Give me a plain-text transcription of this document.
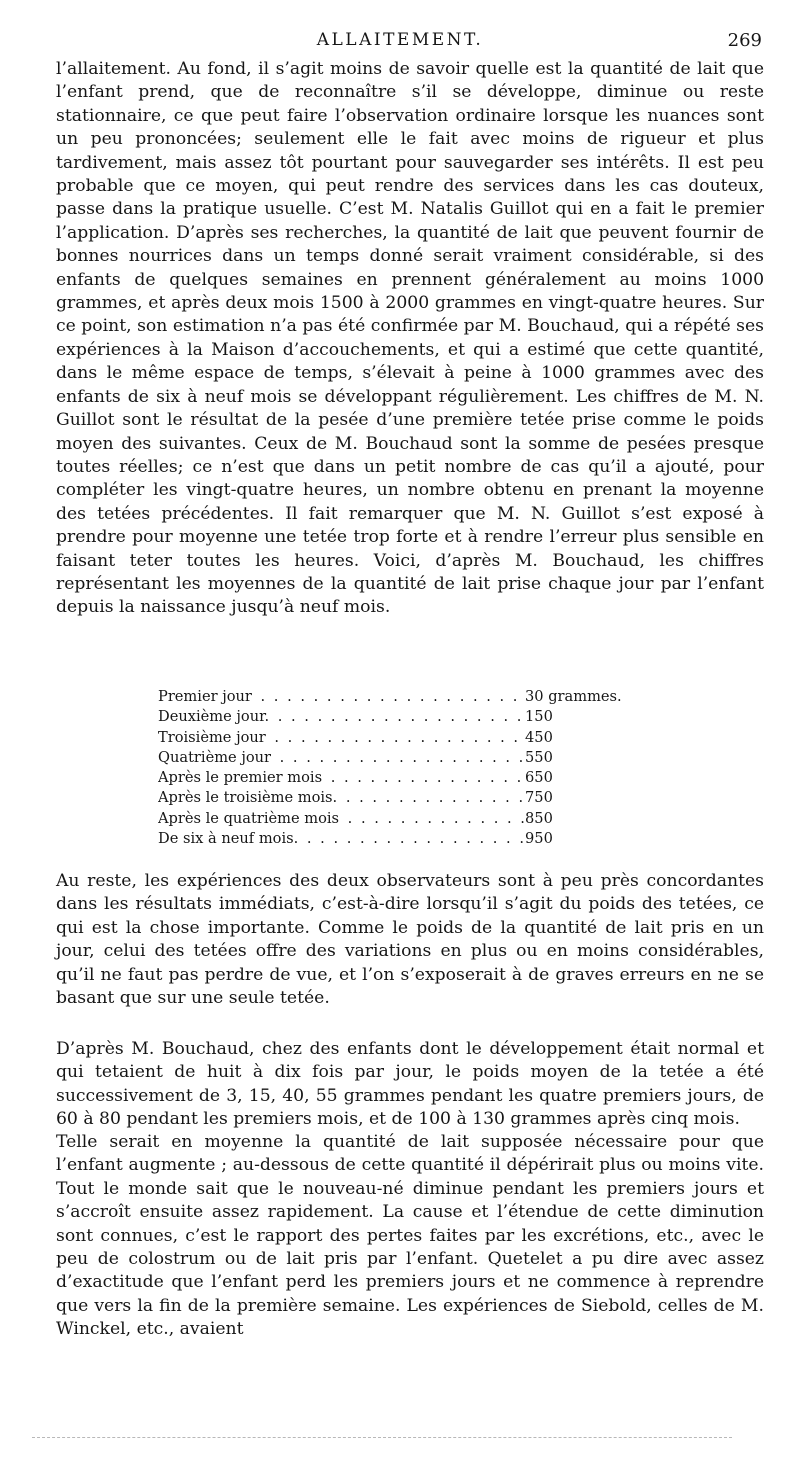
ALLAITEMENT.	269

l’allaitement. Au fond, il s’agit moins de savoir quelle est la quantité de lait que l’enfant prend, que de reconnaître s’il se développe, diminue ou reste stationnaire, ce que peut faire l’observation ordinaire lorsque les nuances sont un peu prononcées; seulement elle le fait avec moins de rigueur et plus tardivement, mais assez tôt pourtant pour sauvegarder ses intérêts. Il est peu probable que ce moyen, qui peut rendre des services dans les cas douteux, passe dans la pratique usuelle. C’est M. Natalis Guillot qui en a fait le premier l’application. D’après ses recherches, la quantité de lait que peuvent fournir de bonnes nourrices dans un temps donné serait vraiment considérable, si des enfants de quelques semaines en prennent généralement au moins 1000 grammes, et après deux mois 1500 à 2000 grammes en vingt-quatre heures. Sur ce point, son estimation n’a pas été confirmée par M. Bouchaud, qui a répété ses expériences à la Maison d’accouchements, et qui a estimé que cette quantité, dans le même espace de temps, s’élevait à peine à 1000 grammes avec des enfants de six à neuf mois se développant régulièrement. Les chiffres de M. N. Guillot sont le résultat de la pesée d’une première tetée prise comme le poids moyen des suivantes. Ceux de M. Bouchaud sont la somme de pesées presque toutes réelles; ce n’est que dans un petit nombre de cas qu’il a ajouté, pour compléter les vingt-quatre heures, un nombre obtenu en prenant la moyenne des tetées précédentes. Il fait remarquer que M. N. Guillot s’est exposé à prendre pour moyenne une tetée trop forte et à rendre l’erreur plus sensible en faisant teter toutes les heures. Voici, d’après M. Bouchaud, les chiffres représentant les moyennes de la quantité de lait prise chaque jour par l’enfant depuis la naissance jusqu’à neuf mois.

Premier jour . . .	30 grammes.
Deuxième jour. . . .	150
Troisième jour . . .	450
Quatrième jour . . .	550
Après le premier mois . . .	650
Après le troisième mois. . . .	750
Après le quatrième mois . . .	850
De six à neuf mois. . . .	950

Au reste, les expériences des deux observateurs sont à peu près concordantes dans les résultats immédiats, c’est-à-dire lorsqu’il s’agit du poids des tetées, ce qui est la chose importante. Comme le poids de la quantité de lait pris en un jour, celui des tetées offre des variations en plus ou en moins considérables, qu’il ne faut pas perdre de vue, et l’on s’exposerait à de graves erreurs en ne se basant que sur une seule tetée.

D’après M. Bouchaud, chez des enfants dont le développement était normal et qui tetaient de huit à dix fois par jour, le poids moyen de la tetée a été successivement de 3, 15, 40, 55 grammes pendant les quatre premiers jours, de 60 à 80 pendant les premiers mois, et de 100 à 130 grammes après cinq mois.

Telle serait en moyenne la quantité de lait supposée nécessaire pour que l’enfant augmente ; au-dessous de cette quantité il dépérirait plus ou moins vite. Tout le monde sait que le nouveau-né diminue pendant les premiers jours et s’accroît ensuite assez rapidement. La cause et l’étendue de cette diminution sont connues, c’est le rapport des pertes faites par les excrétions, etc., avec le peu de colostrum ou de lait pris par l’enfant. Quetelet a pu dire avec assez d’exactitude que l’enfant perd les premiers jours et ne commence à reprendre que vers la fin de la première semaine. Les expériences de Siebold, celles de M. Winckel, etc., avaient
